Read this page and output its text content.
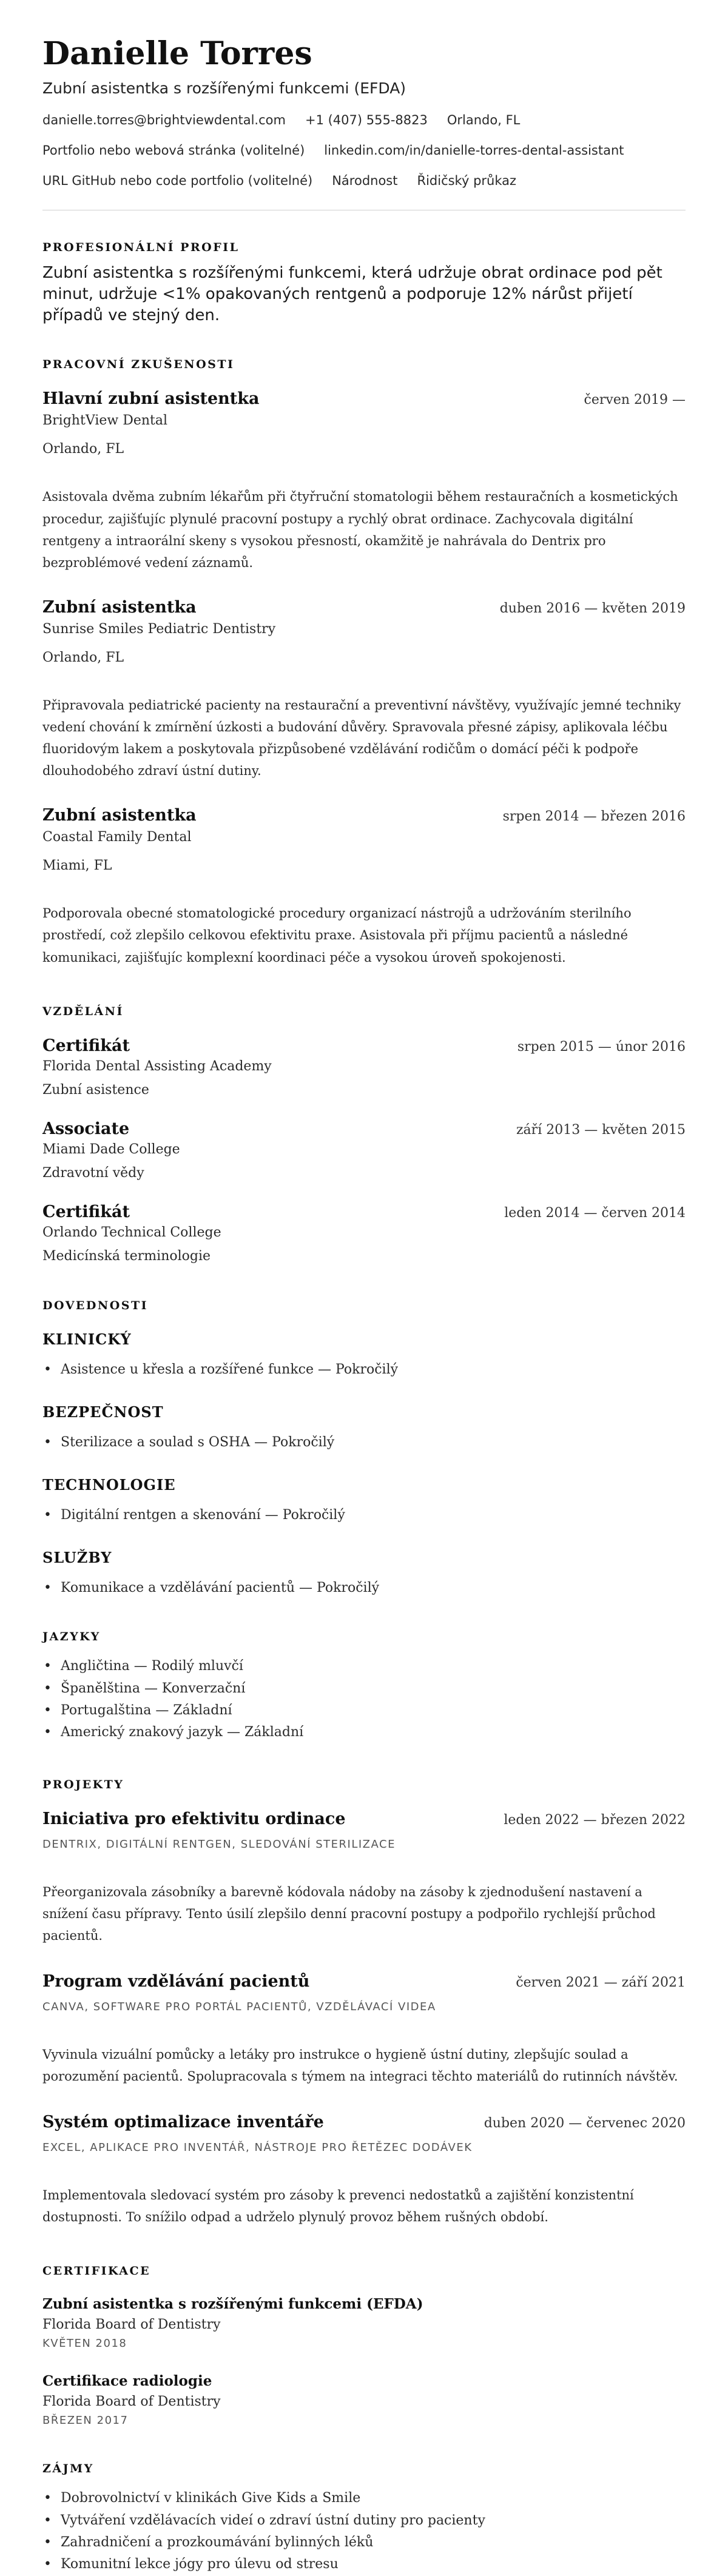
Danielle Torres
Zubní asistentka s rozšířenými funkcemi (EFDA)
danielle.torres@brightviewdental.com +1 (407) 555-8823 Orlando, FL
Portfolio nebo webová stránka (volitelné) linkedin.com/in/danielle-torres-dental-assistant
URL GitHub nebo code portfolio (volitelné) Národnost Řidičský průkaz
PROFESIONÁLNÍ PROFIL
Zubní asistentka s rozšířenými funkcemi, která udržuje obrat ordinace pod pět minut, udržuje <1% opakovaných rentgenů a podporuje 12% nárůst přijetí případů ve stejný den.
PRACOVNÍ ZKUŠENOSTI
Hlavní zubní asistentka	červen 2019 —
BrightView Dental
Orlando, FL
Asistovala dvěma zubním lékařům při čtyřruční stomatologii během restauračních a kosmetických procedur, zajišťujíc plynulé pracovní postupy a rychlý obrat ordinace. Zachycovala digitální rentgeny a intraorální skeny s vysokou přesností, okamžitě je nahrávala do Dentrix pro bezproblémové vedení záznamů.
Zubní asistentka	duben 2016 — květen 2019
Sunrise Smiles Pediatric Dentistry
Orlando, FL
Připravovala pediatrické pacienty na restaurační a preventivní návštěvy, využívajíc jemné techniky vedení chování k zmírnění úzkosti a budování důvěry. Spravovala přesné zápisy, aplikovala léčbu fluoridovým lakem a poskytovala přizpůsobené vzdělávání rodičům o domácí péči k podpoře dlouhodobého zdraví ústní dutiny.
Zubní asistentka	srpen 2014 — březen 2016
Coastal Family Dental
Miami, FL
Podporovala obecné stomatologické procedury organizací nástrojů a udržováním sterilního prostředí, což zlepšilo celkovou efektivitu praxe. Asistovala při příjmu pacientů a následné komunikaci, zajišťujíc komplexní koordinaci péče a vysokou úroveň spokojenosti.
VZDĚLÁNÍ
Certifikát	srpen 2015 — únor 2016
Florida Dental Assisting Academy
Zubní asistence
Associate	září 2013 — květen 2015
Miami Dade College
Zdravotní vědy
Certifikát	leden 2014 — červen 2014
Orlando Technical College
Medicínská terminologie
DOVEDNOSTI
KLINICKÝ
• Asistence u křesla a rozšířené funkce — Pokročilý
BEZPEČNOST
• Sterilizace a soulad s OSHA — Pokročilý
TECHNOLOGIE
• Digitální rentgen a skenování — Pokročilý
SLUŽBY
• Komunikace a vzdělávání pacientů — Pokročilý
JAZYKY
• Angličtina — Rodilý mluvčí
• Španělština — Konverzační
• Portugalština — Základní
• Americký znakový jazyk — Základní
PROJEKTY
Iniciativa pro efektivitu ordinace	leden 2022 — březen 2022
DENTRIX, DIGITÁLNÍ RENTGEN, SLEDOVÁNÍ STERILIZACE
Přeorganizovala zásobníky a barevně kódovala nádoby na zásoby k zjednodušení nastavení a snížení času přípravy. Tento úsilí zlepšilo denní pracovní postupy a podpořilo rychlejší průchod pacientů.
Program vzdělávání pacientů	červen 2021 — září 2021
CANVA, SOFTWARE PRO PORTÁL PACIENTŮ, VZDĚLÁVACÍ VIDEA
Vyvinula vizuální pomůcky a letáky pro instrukce o hygieně ústní dutiny, zlepšujíc soulad a porozumění pacientů. Spolupracovala s týmem na integraci těchto materiálů do rutinních návštěv.
Systém optimalizace inventáře	duben 2020 — červenec 2020
EXCEL, APLIKACE PRO INVENTÁŘ, NÁSTROJE PRO ŘETĚZEC DODÁVEK
Implementovala sledovací systém pro zásoby k prevenci nedostatků a zajištění konzistentní dostupnosti. To snížilo odpad a udrželo plynulý provoz během rušných období.
CERTIFIKACE
Zubní asistentka s rozšířenými funkcemi (EFDA)
Florida Board of Dentistry
KVĚTEN 2018
Certifikace radiologie
Florida Board of Dentistry
BŘEZEN 2017
ZÁJMY
• Dobrovolnictví v klinikách Give Kids a Smile
• Vytváření vzdělávacích videí o zdraví ústní dutiny pro pacienty
• Zahradničení a prozkoumávání bylinných léků
• Komunitní lekce jógy pro úlevu od stresu
